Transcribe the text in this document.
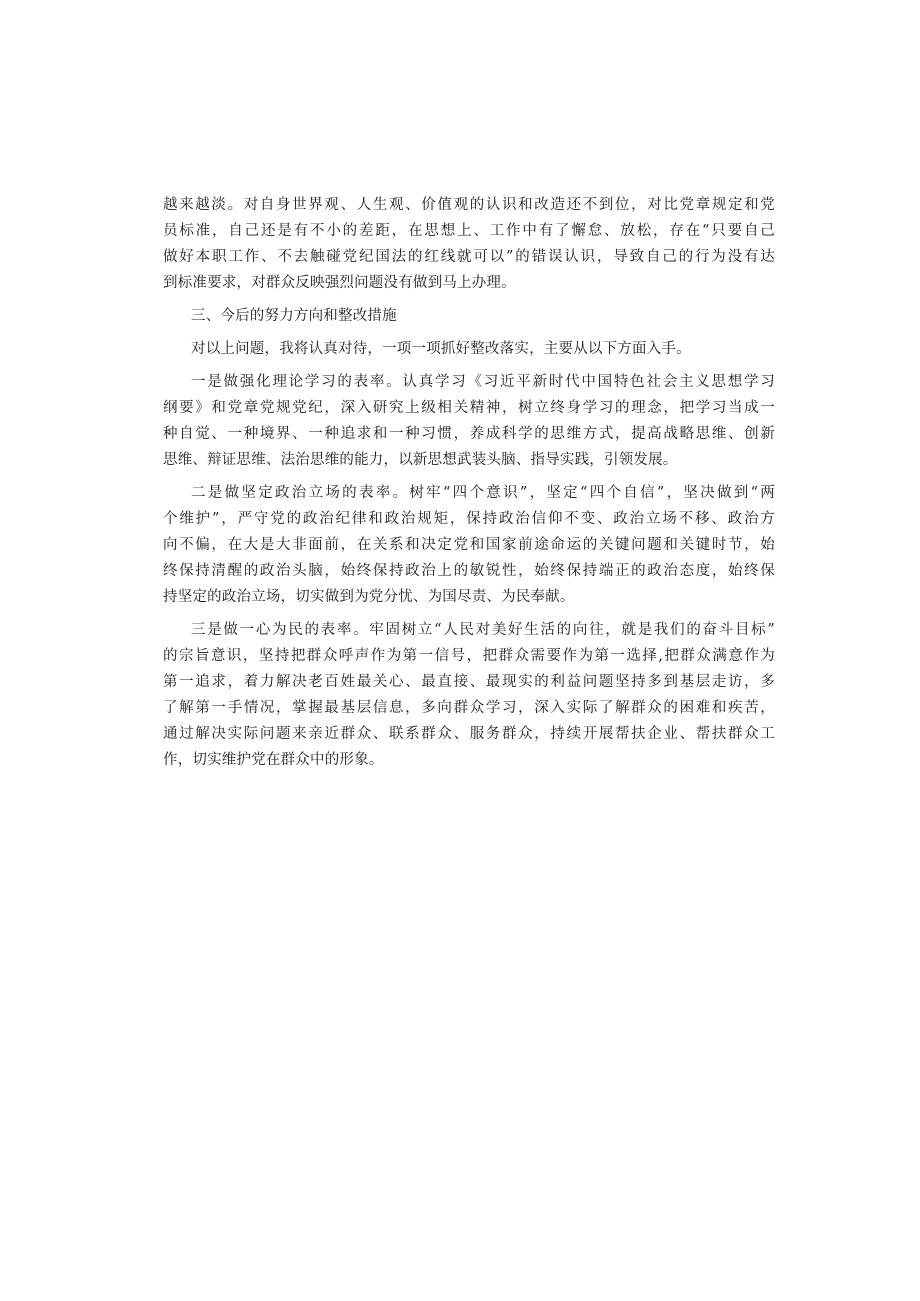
越来越淡。对自身世界观、人生观、价值观的认识和改造还不到位，对比党章规定和党
员标准，自己还是有不小的差距，在思想上、工作中有了懈怠、放松，存在“只要自己
做好本职工作、不去触碰党纪国法的红线就可以”的错误认识，导致自己的行为没有达
到标准要求，对群众反映强烈问题没有做到马上办理。
三、今后的努力方向和整改措施
对以上问题，我将认真对待，一项一项抓好整改落实，主要从以下方面入手。
一是做强化理论学习的表率。认真学习《习近平新时代中国特色社会主义思想学习
纲要》和党章党规党纪，深入研究上级相关精神，树立终身学习的理念，把学习当成一
种自觉、一种境界、一种追求和一种习惯，养成科学的思维方式，提高战略思维、创新
思维、辩证思维、法治思维的能力，以新思想武装头脑、指导实践，引领发展。
二是做坚定政治立场的表率。树牢“四个意识”，坚定“四个自信”，坚决做到“两
个维护”，严守党的政治纪律和政治规矩，保持政治信仰不变、政治立场不移、政治方
向不偏，在大是大非面前，在关系和决定党和国家前途命运的关键问题和关键时节，始
终保持清醒的政治头脑，始终保持政治上的敏锐性，始终保持端正的政治态度，始终保
持坚定的政治立场，切实做到为党分忧、为国尽责、为民奉献。
三是做一心为民的表率。牢固树立“人民对美好生活的向往，就是我们的奋斗目标”
的宗旨意识，坚持把群众呼声作为第一信号，把群众需要作为第一选择,把群众满意作为
第一追求，着力解决老百姓最关心、最直接、最现实的利益问题坚持多到基层走访，多
了解第一手情况，掌握最基层信息，多向群众学习，深入实际了解群众的困难和疾苦，
通过解决实际问题来亲近群众、联系群众、服务群众，持续开展帮扶企业、帮扶群众工
作，切实维护党在群众中的形象。
